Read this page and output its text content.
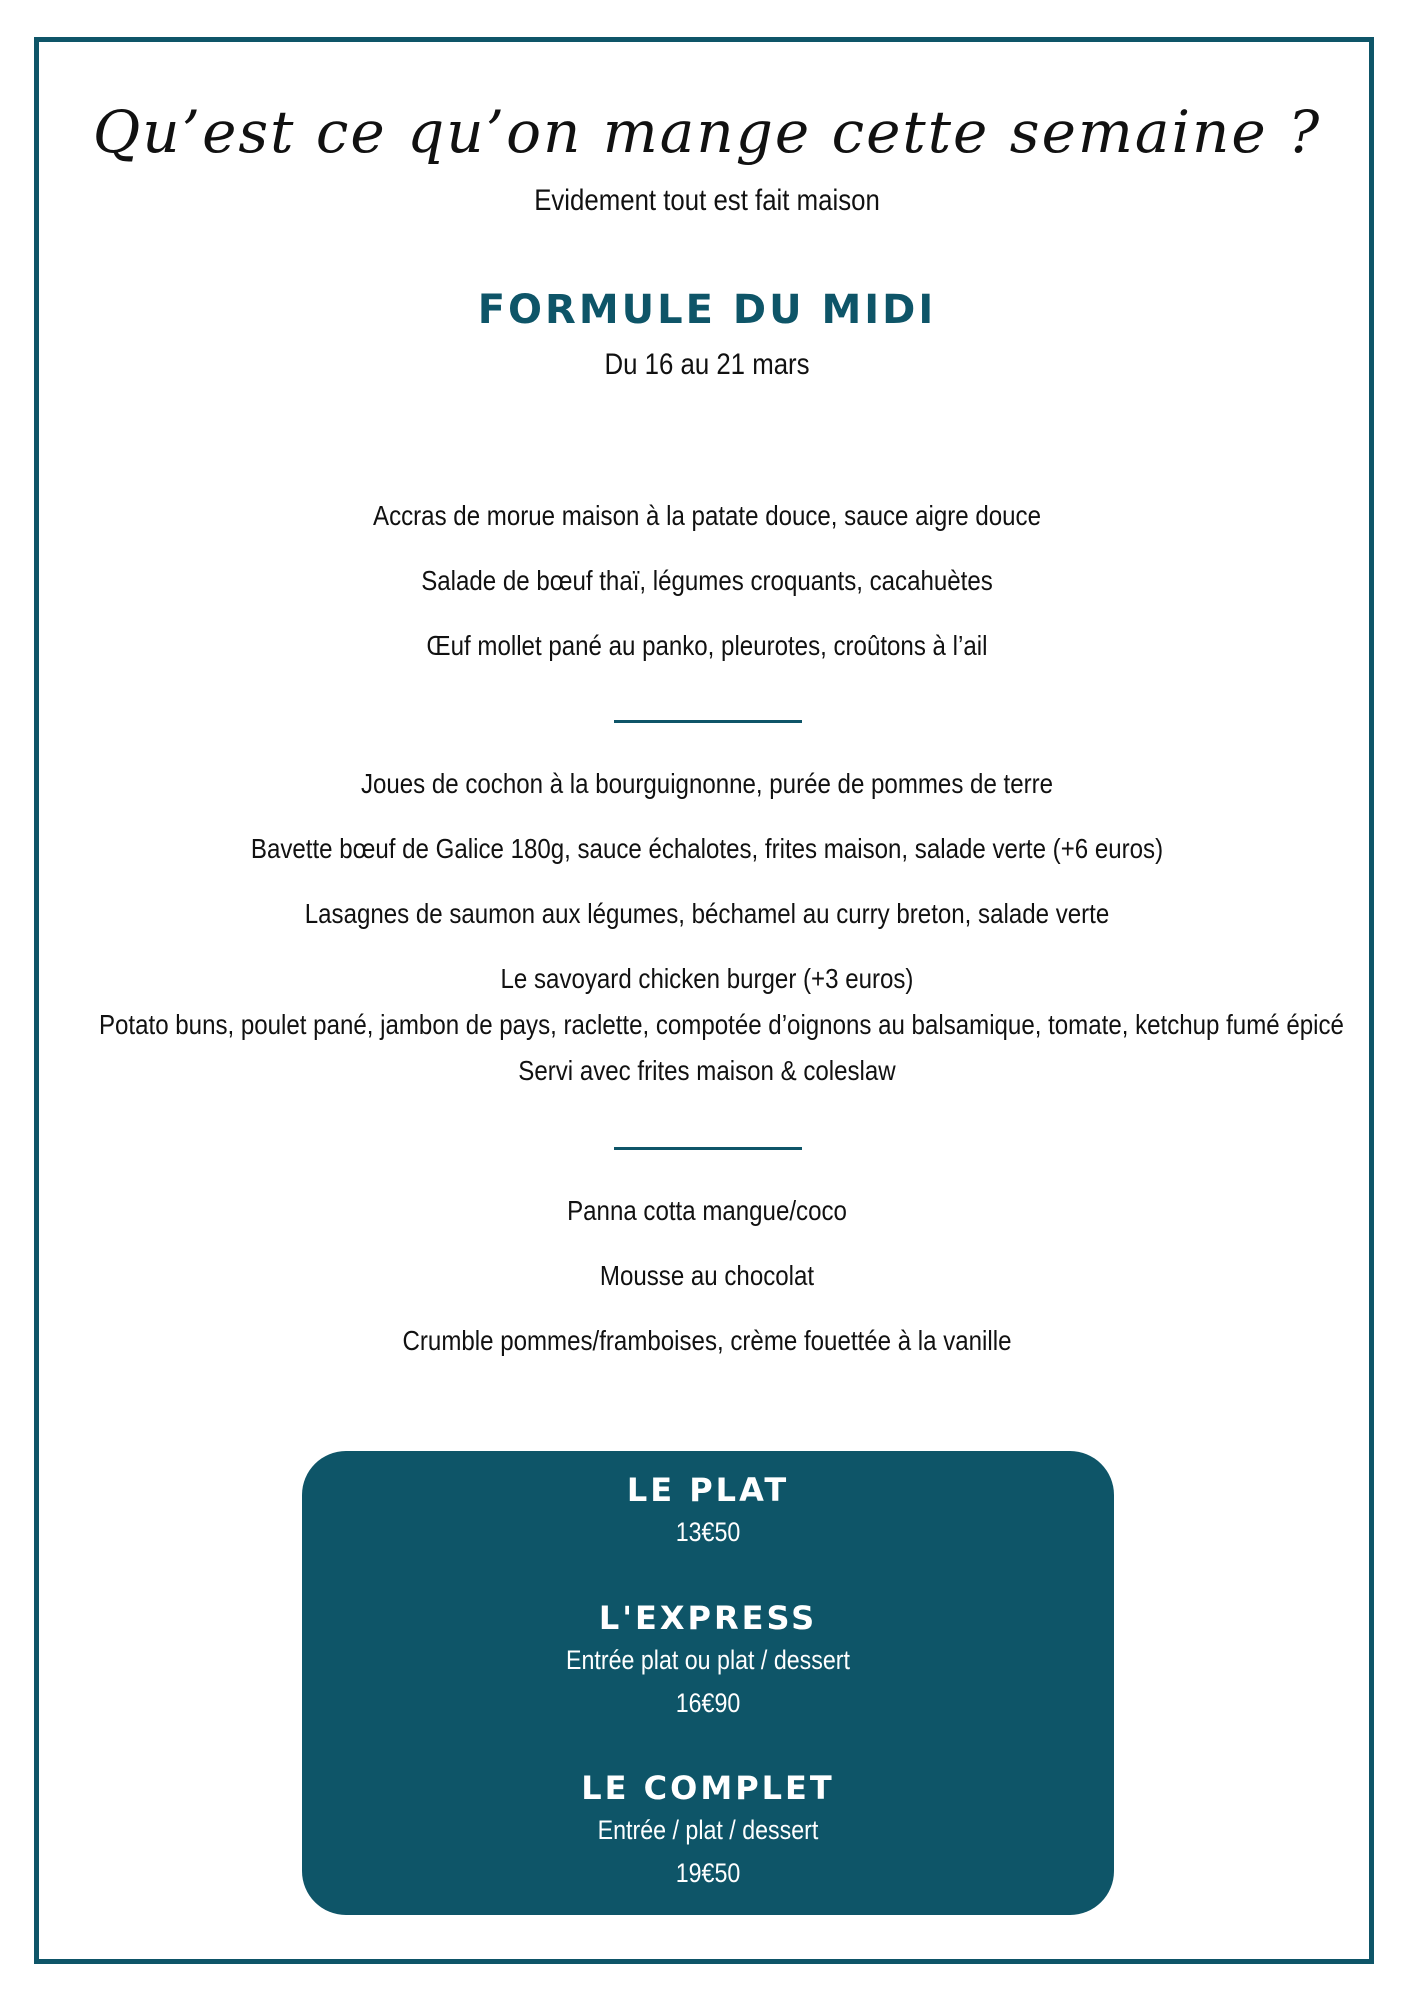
Qu’est ce qu’on mange cette semaine ?
Evidement tout est fait maison
FORMULE DU MIDI
Du 16 au 21 mars
Accras de morue maison à la patate douce, sauce aigre douce
Salade de bœuf thaï, légumes croquants, cacahuètes
Œuf mollet pané au panko, pleurotes, croûtons à l’ail
Joues de cochon à la bourguignonne, purée de pommes de terre
Bavette bœuf de Galice 180g, sauce échalotes, frites maison, salade verte (+6 euros)
Lasagnes de saumon aux légumes, béchamel au curry breton, salade verte
Le savoyard chicken burger (+3 euros)
Potato buns, poulet pané, jambon de pays, raclette, compotée d’oignons au balsamique, tomate, ketchup fumé épicé
Servi avec frites maison & coleslaw
Panna cotta mangue/coco
Mousse au chocolat
Crumble pommes/framboises, crème fouettée à la vanille
LE PLAT
13€50
L'EXPRESS
Entrée plat ou plat / dessert
16€90
LE COMPLET
Entrée / plat / dessert
19€50
